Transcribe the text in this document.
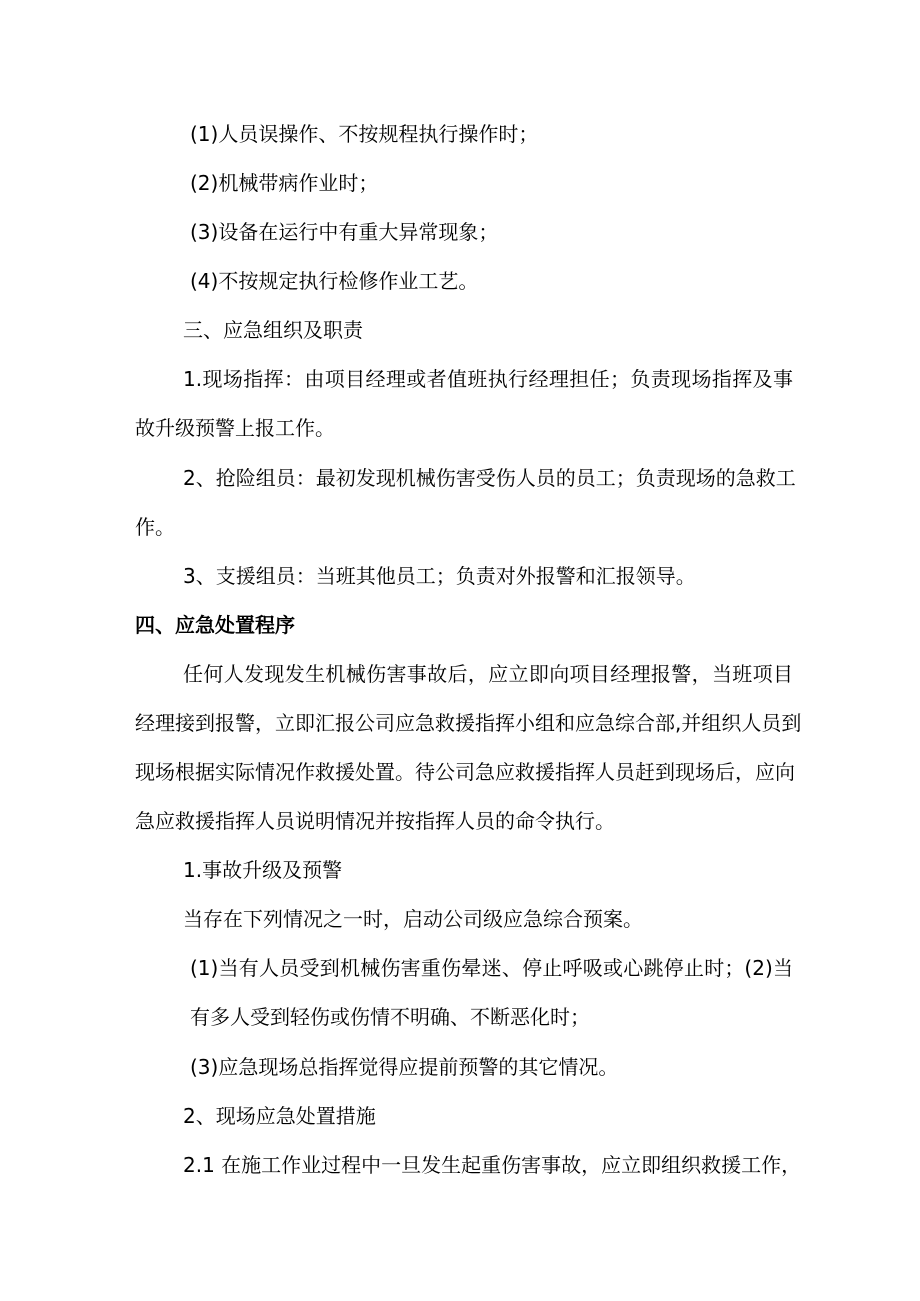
(1)人员误操作、不按规程执行操作时；

(2)机械带病作业时；

(3)设备在运行中有重大异常现象；

(4)不按规定执行检修作业工艺。

三、应急组织及职责

1.现场指挥：由项目经理或者值班执行经理担任；负责现场指挥及事

故升级预警上报工作。

2、抢险组员：最初发现机械伤害受伤人员的员工；负责现场的急救工

作。

3、支援组员：当班其他员工；负责对外报警和汇报领导。

四、应急处置程序

任何人发现发生机械伤害事故后，应立即向项目经理报警，当班项目

经理接到报警，立即汇报公司应急救援指挥小组和应急综合部,并组织人员到

现场根据实际情况作救援处置。待公司急应救援指挥人员赶到现场后，应向

急应救援指挥人员说明情况并按指挥人员的命令执行。

1.事故升级及预警

当存在下列情况之一时，启动公司级应急综合预案。

(1)当有人员受到机械伤害重伤晕迷、停止呼吸或心跳停止时；(2)当

有多人受到轻伤或伤情不明确、不断恶化时；

(3)应急现场总指挥觉得应提前预警的其它情况。

2、现场应急处置措施

2.1 在施工作业过程中一旦发生起重伤害事故，应立即组织救援工作，
